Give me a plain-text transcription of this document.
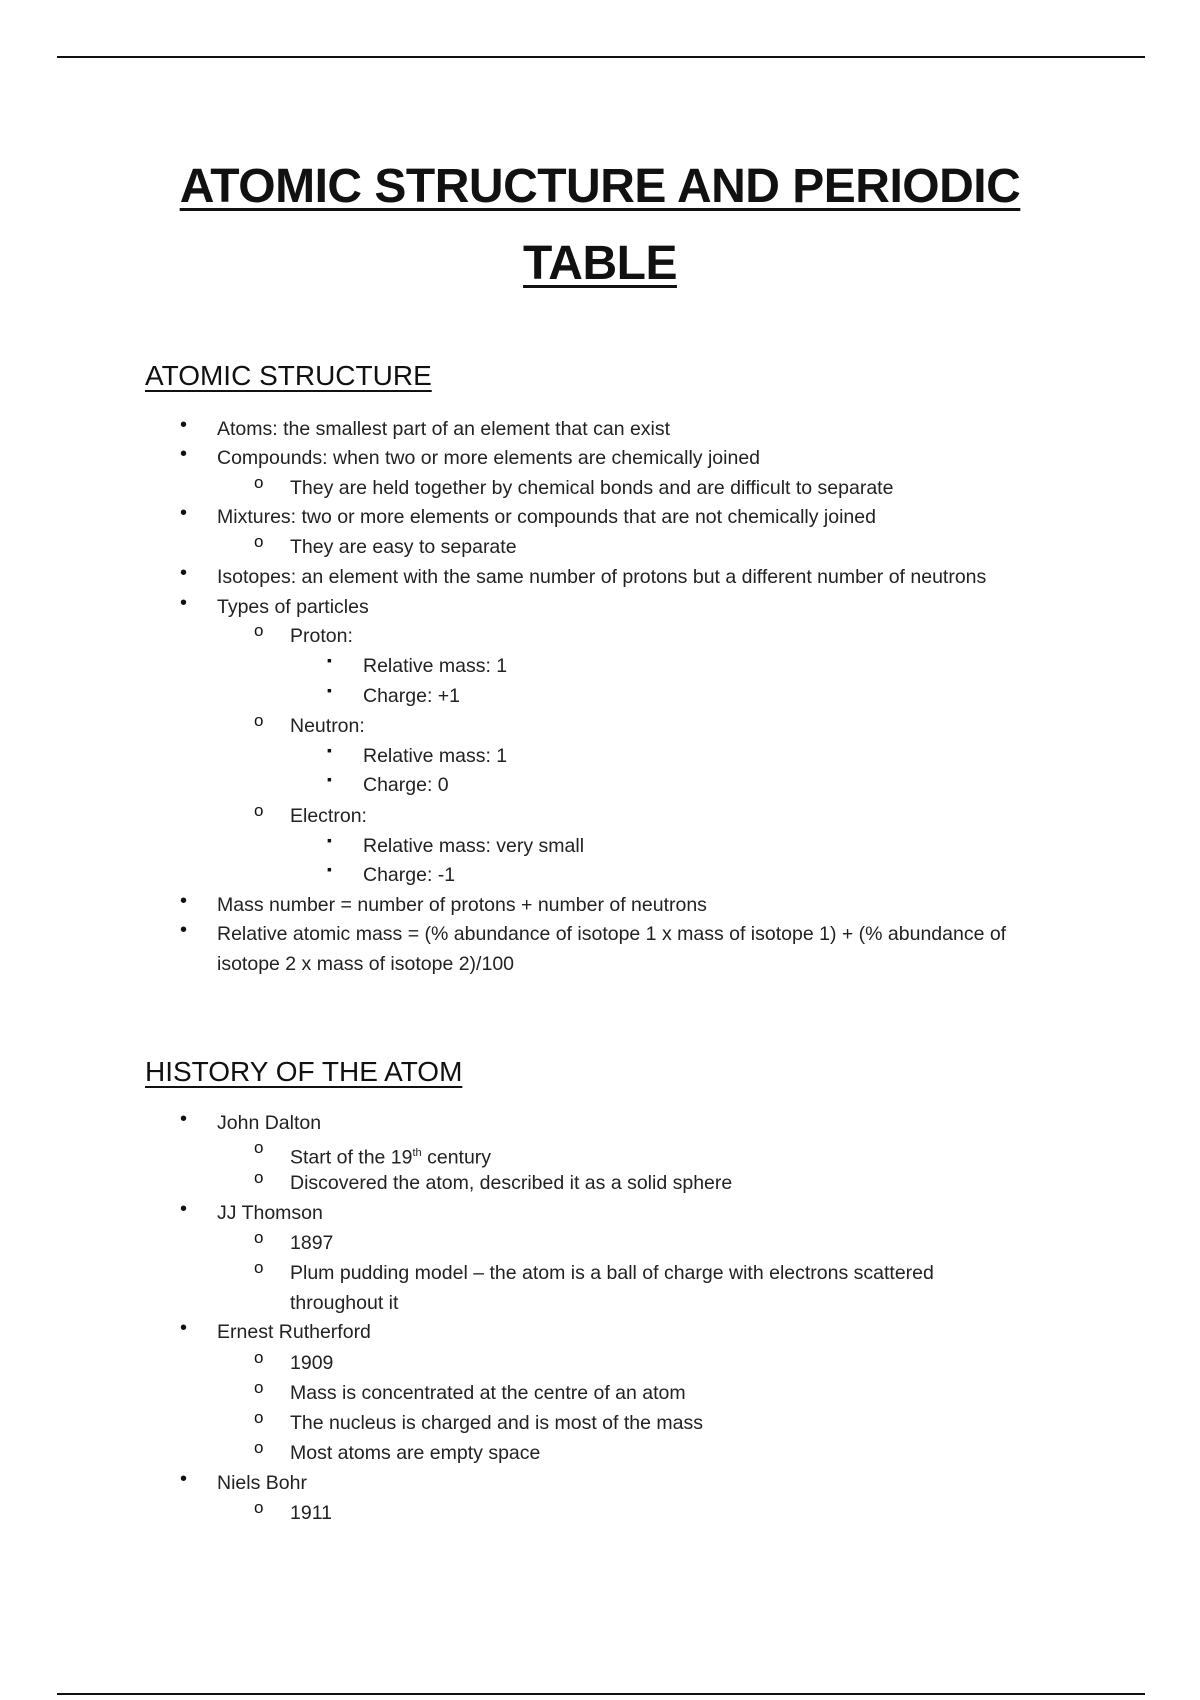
ATOMIC STRUCTURE AND PERIODIC
TABLE
ATOMIC STRUCTURE
• Atoms: the smallest part of an element that can exist
• Compounds: when two or more elements are chemically joined
o They are held together by chemical bonds and are difficult to separate
• Mixtures: two or more elements or compounds that are not chemically joined
o They are easy to separate
• Isotopes: an element with the same number of protons but a different number of neutrons
• Types of particles
o Proton:
▪ Relative mass: 1
▪ Charge: +1
o Neutron:
▪ Relative mass: 1
▪ Charge: 0
o Electron:
▪ Relative mass: very small
▪ Charge: -1
• Mass number = number of protons + number of neutrons
• Relative atomic mass = (% abundance of isotope 1 x mass of isotope 1) + (% abundance of
isotope 2 x mass of isotope 2)/100
HISTORY OF THE ATOM
• John Dalton
o Start of the 19th century
o Discovered the atom, described it as a solid sphere
• JJ Thomson
o 1897
o Plum pudding model – the atom is a ball of charge with electrons scattered
throughout it
• Ernest Rutherford
o 1909
o Mass is concentrated at the centre of an atom
o The nucleus is charged and is most of the mass
o Most atoms are empty space
• Niels Bohr
o 1911
